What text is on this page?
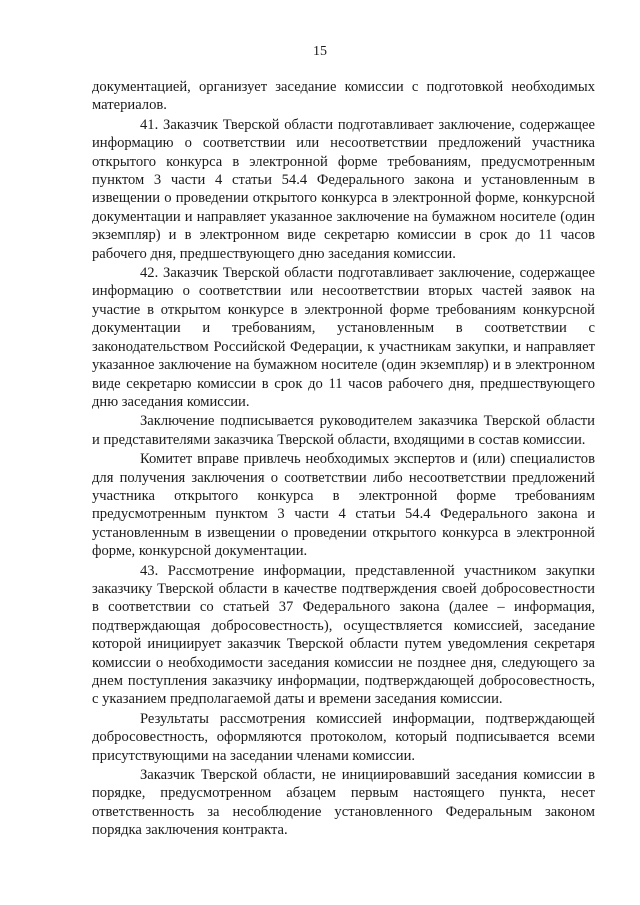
15

документацией, организует заседание комиссии с подготовкой необходимых материалов.

41. Заказчик Тверской области подготавливает заключение, содержащее информацию о соответствии или несоответствии предложений участника открытого конкурса в электронной форме требованиям, предусмотренным пунктом 3 части 4 статьи 54.4 Федерального закона и установленным в извещении о проведении открытого конкурса в электронной форме, конкурсной документации и направляет указанное заключение на бумажном носителе (один экземпляр) и в электронном виде секретарю комиссии в срок до 11 часов рабочего дня, предшествующего дню заседания комиссии.

42. Заказчик Тверской области подготавливает заключение, содержащее информацию о соответствии или несоответствии вторых частей заявок на участие в открытом конкурсе в электронной форме требованиям конкурсной документации и требованиям, установленным в соответствии с законодательством Российской Федерации, к участникам закупки, и направляет указанное заключение на бумажном носителе (один экземпляр) и в электронном виде секретарю комиссии в срок до 11 часов рабочего дня, предшествующего дню заседания комиссии.

Заключение подписывается руководителем заказчика Тверской области и представителями заказчика Тверской области, входящими в состав комиссии.

Комитет вправе привлечь необходимых экспертов и (или) специалистов для получения заключения о соответствии либо несоответствии предложений участника открытого конкурса в электронной форме требованиям предусмотренным пунктом 3 части 4 статьи 54.4 Федерального закона и установленным в извещении о проведении открытого конкурса в электронной форме, конкурсной документации.

43. Рассмотрение информации, представленной участником закупки заказчику Тверской области в качестве подтверждения своей добросовестности в соответствии со статьей 37 Федерального закона (далее – информация, подтверждающая добросовестность), осуществляется комиссией, заседание которой инициирует заказчик Тверской области путем уведомления секретаря комиссии о необходимости заседания комиссии не позднее дня, следующего за днем поступления заказчику информации, подтверждающей добросовестность, с указанием предполагаемой даты и времени заседания комиссии.

Результаты рассмотрения комиссией информации, подтверждающей добросовестность, оформляются протоколом, который подписывается всеми присутствующими на заседании членами комиссии.

Заказчик Тверской области, не инициировавший заседания комиссии в порядке, предусмотренном абзацем первым настоящего пункта, несет ответственность за несоблюдение установленного Федеральным законом порядка заключения контракта.
